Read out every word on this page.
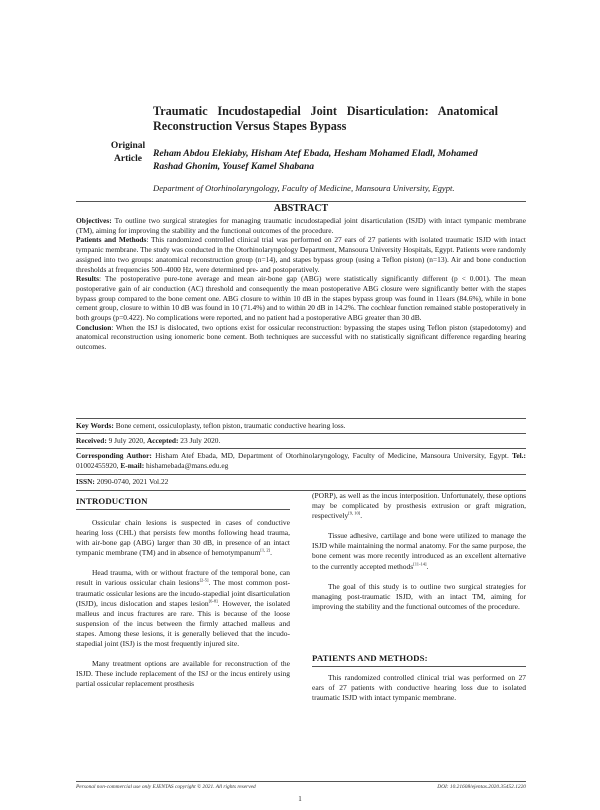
Original Article
Traumatic Incudostapedial Joint Disarticulation: Anatomical Reconstruction Versus Stapes Bypass
Reham Abdou Elekiaby, Hisham Atef Ebada, Hesham Mohamed Eladl, Mohamed Rashad Ghonim, Yousef Kamel Shabana
Department of Otorhinolaryngology, Faculty of Medicine, Mansoura University, Egypt.
ABSTRACT
Objectives: To outline two surgical strategies for managing traumatic incudostapedial joint disarticulation (ISJD) with intact tympanic membrane (TM), aiming for improving the stability and the functional outcomes of the procedure.
Patients and Methods: This randomized controlled clinical trial was performed on 27 ears of 27 patients with isolated traumatic ISJD with intact tympanic membrane. The study was conducted in the Otorhinolaryngology Department, Mansoura University Hospitals, Egypt. Patients were randomly assigned into two groups: anatomical reconstruction group (n=14), and stapes bypass group (using a Teflon piston) (n=13). Air and bone conduction thresholds at frequencies 500–4000 Hz, were determined pre- and postoperatively.
Results: The postoperative pure-tone average and mean air-bone gap (ABG) were statistically significantly different (p < 0.001). The mean postoperative gain of air conduction (AC) threshold and consequently the mean postoperative ABG closure were significantly better with the stapes bypass group compared to the bone cement one. ABG closure to within 10 dB in the stapes bypass group was found in 11ears (84.6%), while in bone cement group, closure to within 10 dB was found in 10 (71.4%) and to within 20 dB in 14.2%. The cochlear function remained stable postoperatively in both groups (p=0.422). No complications were reported, and no patient had a postoperative ABG greater than 30 dB.
Conclusion: When the ISJ is dislocated, two options exist for ossicular reconstruction: bypassing the stapes using Teflon piston (stapedotomy) and anatomical reconstruction using ionomeric bone cement. Both techniques are successful with no statistically significant difference regarding hearing outcomes.
Key Words: Bone cement, ossiculoplasty, teflon piston, traumatic conductive hearing loss.
Received: 9 July 2020, Accepted: 23 July 2020.
Corresponding Author: Hisham Atef Ebada, MD, Department of Otorhinolaryngology, Faculty of Medicine, Mansoura University, Egypt. Tel.: 01002455920, E-mail: hishamebada@mans.edu.eg
ISSN: 2090-0740, 2021 Vol.22
INTRODUCTION

Ossicular chain lesions is suspected in cases of conductive hearing loss (CHL) that persists few months following head trauma, with air-bone gap (ABG) larger than 30 dB, in presence of an intact tympanic membrane (TM) and in absence of hemotympanum[1, 2].

Head trauma, with or without fracture of the temporal bone, can result in various ossicular chain lesions[2-5]. The most common post-traumatic ossicular lesions are the incudo-stapedial joint disarticulation (ISJD), incus dislocation and stapes lesion[6-8]. However, the isolated malleus and incus fractures are rare. This is because of the loose suspension of the incus between the firmly attached malleus and stapes. Among these lesions, it is generally believed that the incudo-stapedial joint (ISJ) is the most frequently injured site.

Many treatment options are available for reconstruction of the ISJD. These include replacement of the ISJ or the incus entirely using partial ossicular replacement prosthesis

(PORP), as well as the incus interposition. Unfortunately, these options may be complicated by prosthesis extrusion or graft migration, respectively[9, 10].

Tissue adhesive, cartilage and bone were utilized to manage the ISJD while maintaining the normal anatomy. For the same purpose, the bone cement was more recently introduced as an excellent alternative to the currently accepted methods[11-14].

The goal of this study is to outline two surgical strategies for managing post-traumatic ISJD, with an intact TM, aiming for improving the stability and the functional outcomes of the procedure.

PATIENTS AND METHODS:

This randomized controlled clinical trial was performed on 27 ears of 27 patients with conductive hearing loss due to isolated traumatic ISJD with intact tympanic membrane.

Personal non-commercial use only EJENTAS copyright © 2021. All rights reserved	DOI: 10.21608/ejentas.2020.35452.1220
1
